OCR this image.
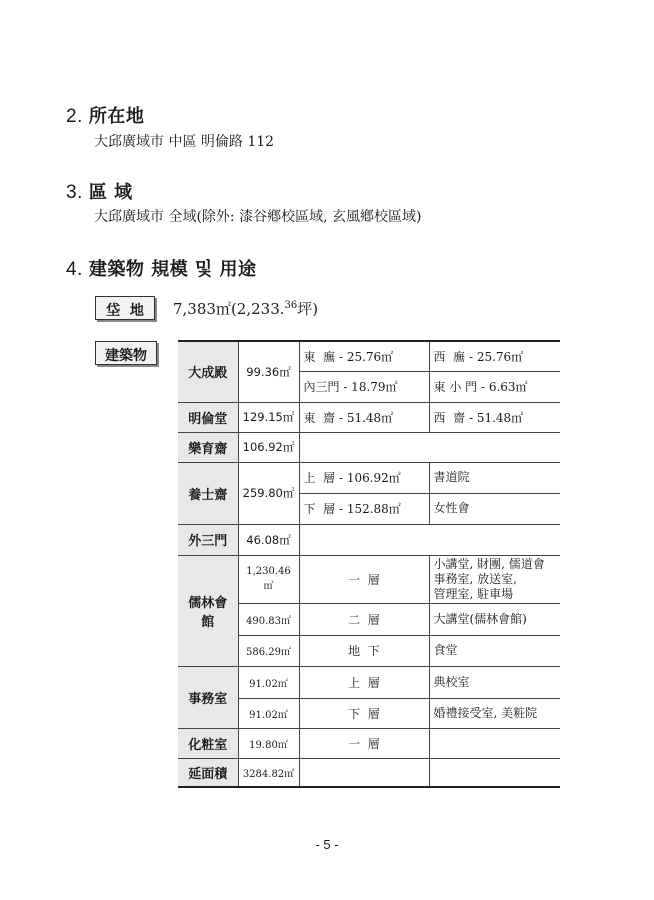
2. 所在地
大邱廣域市 中區 明倫路 112
3. 區 域
大邱廣域市 全域(除外: 漆谷鄕校區域, 玄風鄕校區域)
4. 建築物 規模 및 用途
垈  地	7,383㎡(2,233.36坪)
建築物
大成殿	99.36㎡	東  廡 - 25.76㎡	西  廡 - 25.76㎡
		內三門 - 18.79㎡	東 小 門 - 6.63㎡
明倫堂	129.15㎡	東  齋 - 51.48㎡	西  齋 - 51.48㎡
樂育齋	106.92㎡		
養士齋	259.80㎡	上  層 - 106.92㎡	書道院
		下  層 - 152.88㎡	女性會
外三門	46.08㎡		
儒林會館	1,230.46㎡	一  層	小講堂, 財團, 儒道會
事務室, 放送室,
管理室, 駐車場

	490.83㎡	二  層	大講堂(儒林會館)
	586.29㎡	地  下	食堂
事務室	91.02㎡	上  層	典校室
	91.02㎡	下  層	婚禮接受室, 美粧院
化粧室	19.80㎡	一  層	
延面積	3284.82㎡		
- 5 -
